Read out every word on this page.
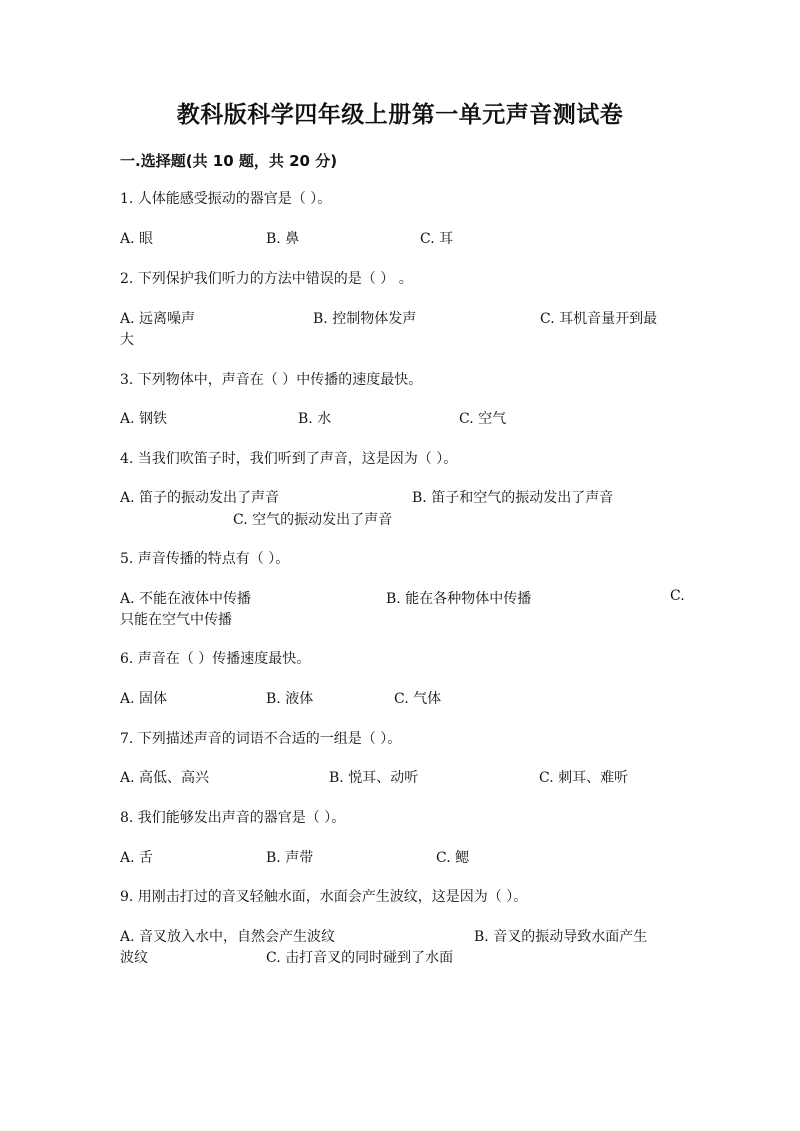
教科版科学四年级上册第一单元声音测试卷
一.选择题(共 10 题，共 20 分)
1. 人体能感受振动的器官是（ ）。
A. 眼	B. 鼻	C. 耳
2. 下列保护我们听力的方法中错误的是（ ） 。
A. 远离噪声	B. 控制物体发声	C. 耳机音量开到最
大
3. 下列物体中，声音在（ ）中传播的速度最快。
A. 钢铁	B. 水	C. 空气
4. 当我们吹笛子时，我们听到了声音，这是因为（ ）。
A. 笛子的振动发出了声音	B. 笛子和空气的振动发出了声音
C. 空气的振动发出了声音
5. 声音传播的特点有（ ）。
A. 不能在液体中传播	B. 能在各种物体中传播	C.
只能在空气中传播
6. 声音在（ ）传播速度最快。
A. 固体	B. 液体	C. 气体
7. 下列描述声音的词语不合适的一组是（ ）。
A. 高低、高兴	B. 悦耳、动听	C. 刺耳、难听
8. 我们能够发出声音的器官是（ ）。
A. 舌	B. 声带	C. 鳃
9. 用刚击打过的音叉轻触水面，水面会产生波纹，这是因为（ ）。
A. 音叉放入水中，自然会产生波纹	B. 音叉的振动导致水面产生
波纹	C. 击打音叉的同时碰到了水面
